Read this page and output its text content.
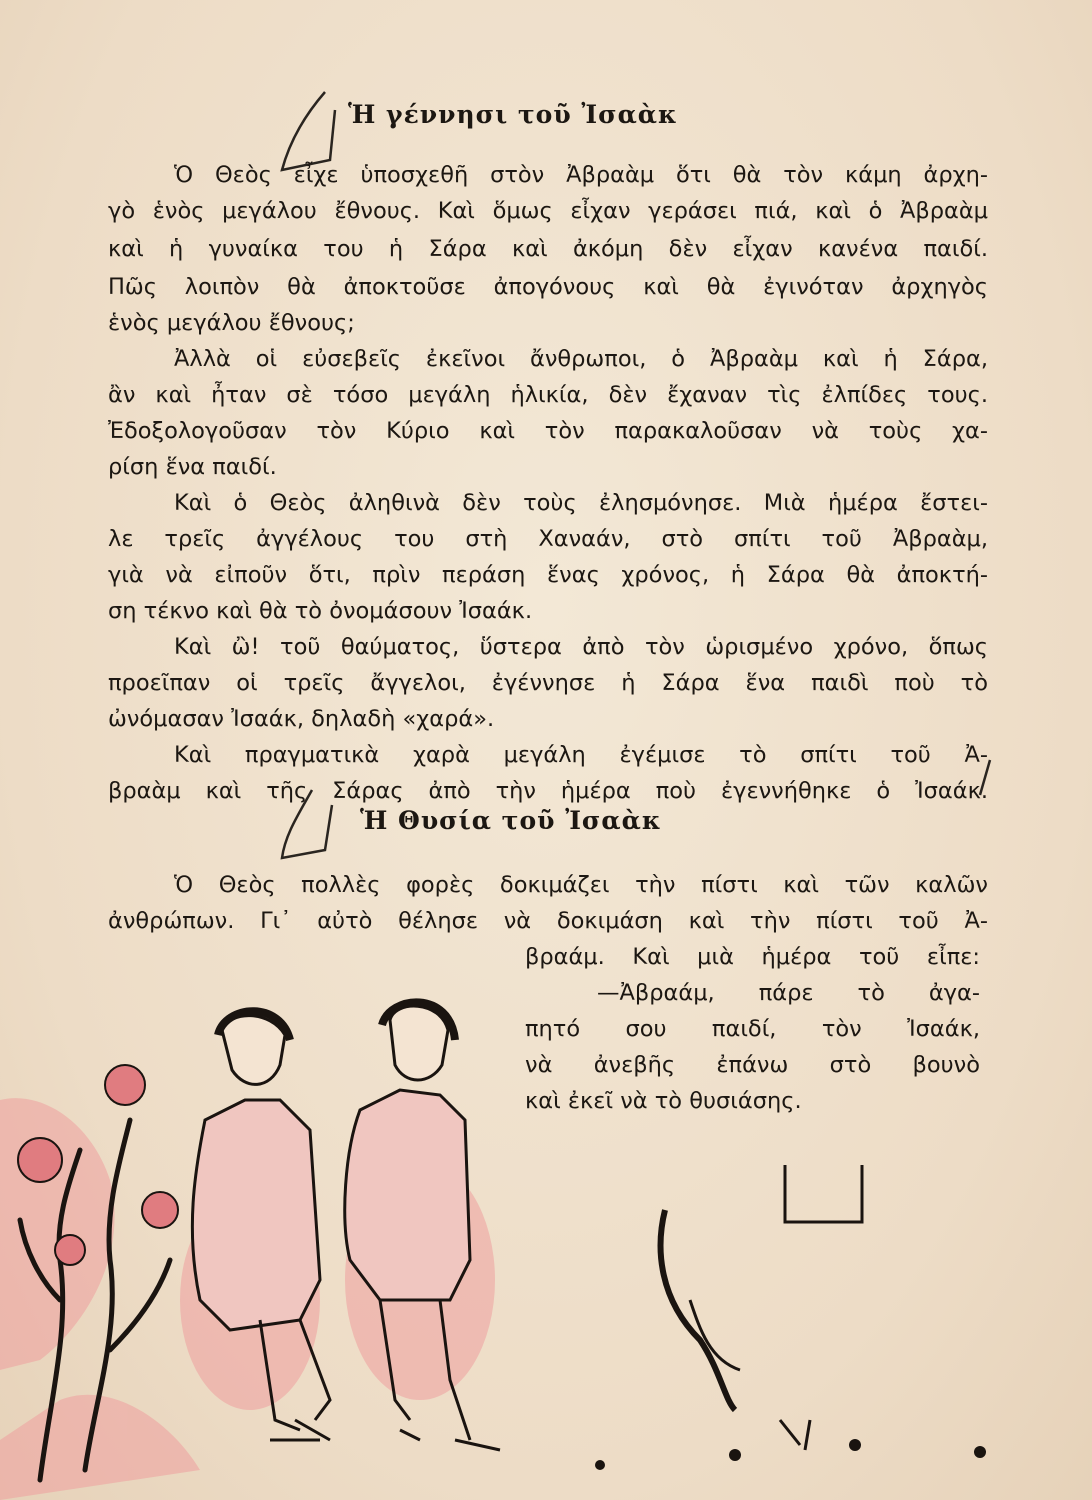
Ἡ γέννησι τοῦ Ἰσαὰκ
Ὁ Θεὸς εἶχε ὑποσχεθῆ στὸν Ἀβραὰμ ὅτι θὰ τὸν κάμη ἀρχη-
γὸ ἑνὸς μεγάλου ἔθνους. Καὶ ὅμως εἶχαν γεράσει πιά, καὶ ὁ Ἀβραὰμ
καὶ ἡ γυναίκα του ἡ Σάρα καὶ ἀκόμη δὲν εἶχαν κανένα παιδί.
Πῶς λοιπὸν θὰ ἀποκτοῦσε ἀπογόνους καὶ θὰ ἐγινόταν ἀρχηγὸς
ἑνὸς μεγάλου ἔθνους;
Ἀλλὰ οἱ εὐσεβεῖς ἐκεῖνοι ἄνθρωποι, ὁ Ἀβραὰμ καὶ ἡ Σάρα,
ἂν καὶ ἦταν σὲ τόσο μεγάλη ἡλικία, δὲν ἔχαναν τὶς ἐλπίδες τους.
Ἐδοξολογοῦσαν τὸν Κύριο καὶ τὸν παρακαλοῦσαν νὰ τοὺς χα-
ρίση ἕνα παιδί.
Καὶ ὁ Θεὸς ἀληθινὰ δὲν τοὺς ἐλησμόνησε. Μιὰ ἡμέρα ἔστει-
λε τρεῖς ἀγγέλους του στὴ Χαναάν, στὸ σπίτι τοῦ Ἀβραὰμ,
γιὰ νὰ εἰποῦν ὅτι, πρὶν περάση ἕνας χρόνος, ἡ Σάρα θὰ ἀποκτή-
ση τέκνο καὶ θὰ τὸ ὀνομάσουν Ἰσαάκ.
Καὶ ὢ! τοῦ θαύματος, ὕστερα ἀπὸ τὸν ὡρισμένο χρόνο, ὅπως
προεῖπαν οἱ τρεῖς ἄγγελοι, ἐγέννησε ἡ Σάρα ἕνα παιδὶ ποὺ τὸ
ὠνόμασαν Ἰσαάκ, δηλαδὴ «χαρά».
Καὶ πραγματικὰ χαρὰ μεγάλη ἐγέμισε τὸ σπίτι τοῦ Ἀ-
βραὰμ καὶ τῆς Σάρας ἀπὸ τὴν ἡμέρα ποὺ ἐγεννήθηκε ὁ Ἰσαάκ.
Ἡ Θυσία τοῦ Ἰσαὰκ
Ὁ Θεὸς πολλὲς φορὲς δοκιμάζει τὴν πίστι καὶ τῶν καλῶν
ἀνθρώπων. Γι᾽ αὐτὸ θέλησε νὰ δοκιμάση καὶ τὴν πίστι τοῦ Ἀ-
βραάμ. Καὶ μιὰ ἡμέρα τοῦ εἶπε:
—Ἀβραάμ, πάρε τὸ ἀγα-
πητό σου παιδί, τὸν Ἰσαάκ,
νὰ ἀνεβῆς ἐπάνω στὸ βουνὸ
καὶ ἐκεῖ νὰ τὸ θυσιάσης.
